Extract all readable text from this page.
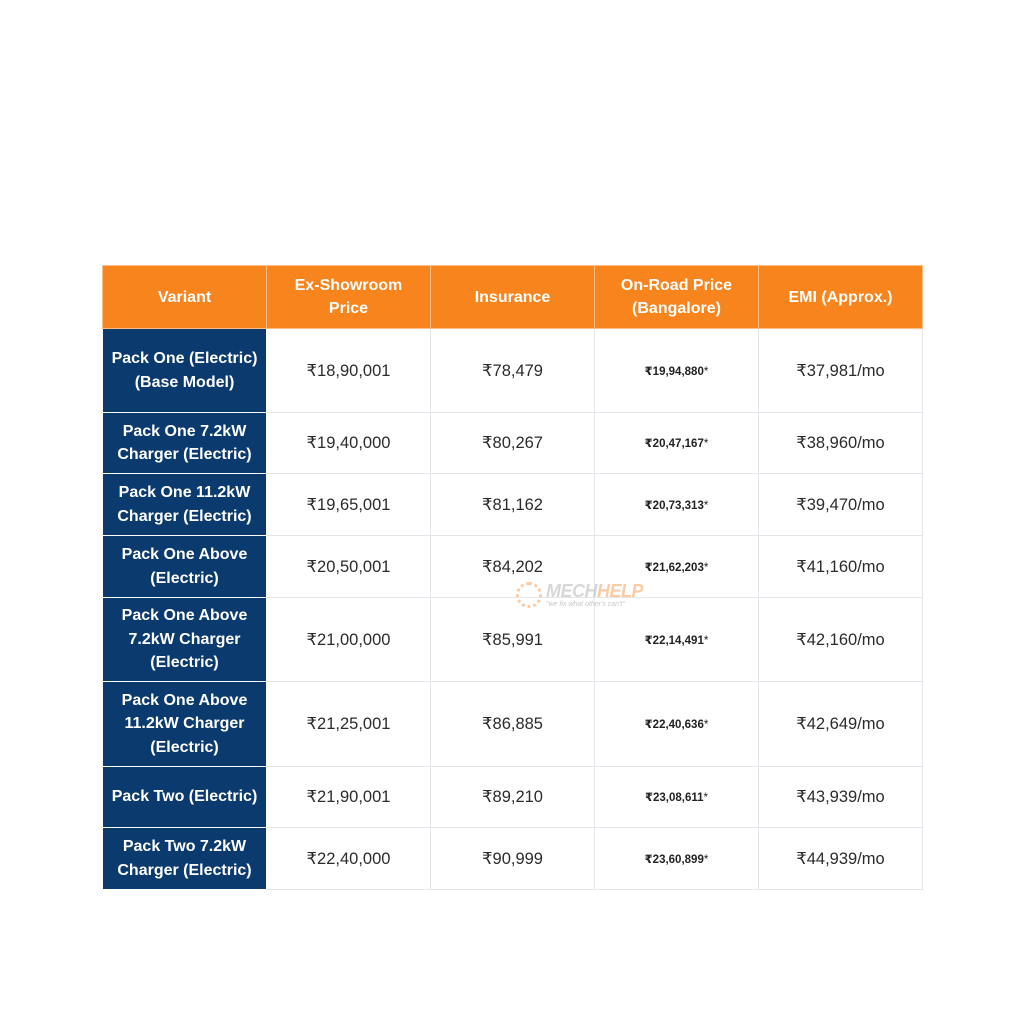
Variant	Ex-Showroom Price	Insurance	On-Road Price (Bangalore)	EMI (Approx.)
Pack One (Electric) (Base Model)	₹18,90,001	₹78,479	₹19,94,880*	₹37,981/mo
Pack One 7.2kW Charger (Electric)	₹19,40,000	₹80,267	₹20,47,167*	₹38,960/mo
Pack One 11.2kW Charger (Electric)	₹19,65,001	₹81,162	₹20,73,313*	₹39,470/mo
Pack One Above (Electric)	₹20,50,001	₹84,202	₹21,62,203*	₹41,160/mo
Pack One Above 7.2kW Charger (Electric)	₹21,00,000	₹85,991	₹22,14,491*	₹42,160/mo
Pack One Above 11.2kW Charger (Electric)	₹21,25,001	₹86,885	₹22,40,636*	₹42,649/mo
Pack Two (Electric)	₹21,90,001	₹89,210	₹23,08,611*	₹43,939/mo
Pack Two 7.2kW Charger (Electric)	₹22,40,000	₹90,999	₹23,60,899*	₹44,939/mo
MECHHELP
"we fix what other's can't"
